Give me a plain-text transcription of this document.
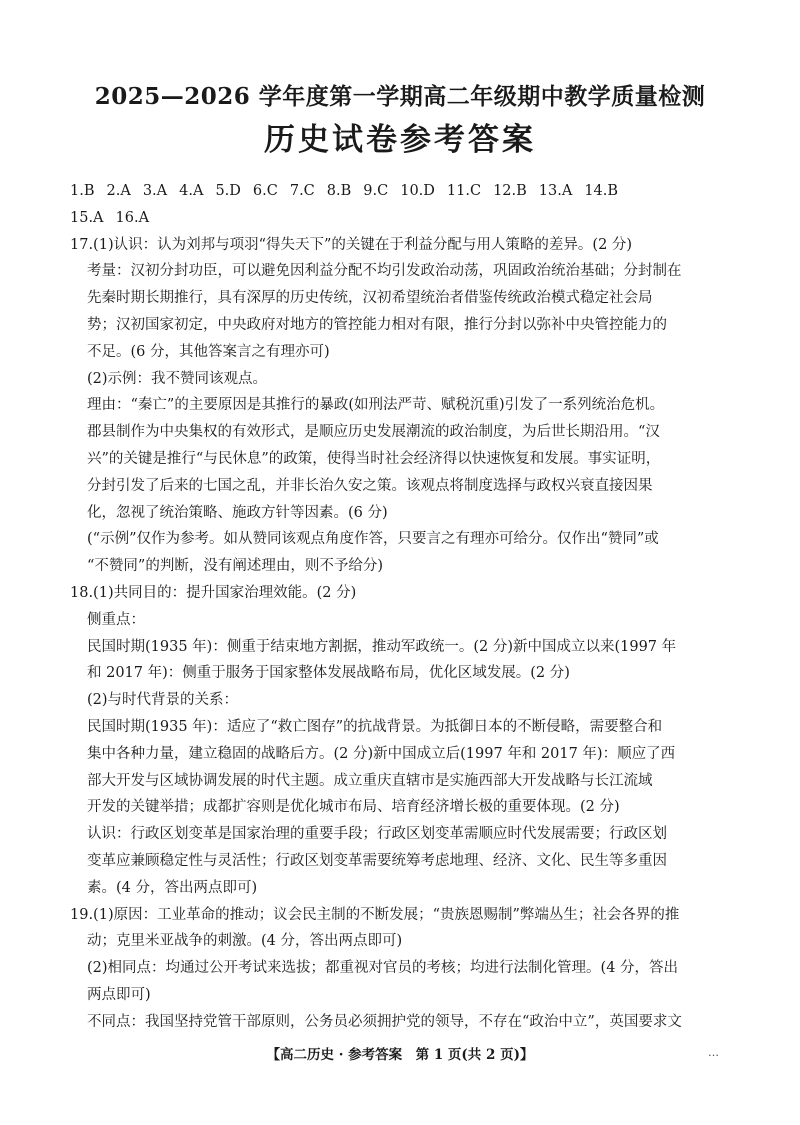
2025—2026 学年度第一学期高二年级期中教学质量检测
历史试卷参考答案
1.B 2.A 3.A 4.A 5.D 6.C 7.C 8.B 9.C 10.D 11.C 12.B 13.A 14.B
15.A 16.A
17.(1)认识：认为刘邦与项羽“得失天下”的关键在于利益分配与用人策略的差异。(2 分)
考量：汉初分封功臣，可以避免因利益分配不均引发政治动荡，巩固政治统治基础；分封制在
先秦时期长期推行，具有深厚的历史传统，汉初希望统治者借鉴传统政治模式稳定社会局
势；汉初国家初定，中央政府对地方的管控能力相对有限，推行分封以弥补中央管控能力的
不足。(6 分，其他答案言之有理亦可)
(2)示例：我不赞同该观点。
理由：“秦亡”的主要原因是其推行的暴政(如刑法严苛、赋税沉重)引发了一系列统治危机。
郡县制作为中央集权的有效形式，是顺应历史发展潮流的政治制度，为后世长期沿用。“汉
兴”的关键是推行“与民休息”的政策，使得当时社会经济得以快速恢复和发展。事实证明，
分封引发了后来的七国之乱，并非长治久安之策。该观点将制度选择与政权兴衰直接因果
化，忽视了统治策略、施政方针等因素。(6 分)
(“示例”仅作为参考。如从赞同该观点角度作答，只要言之有理亦可给分。仅作出“赞同”或
“不赞同”的判断，没有阐述理由，则不予给分)
18.(1)共同目的：提升国家治理效能。(2 分)
侧重点：
民国时期(1935 年)：侧重于结束地方割据，推动军政统一。(2 分)新中国成立以来(1997 年
和 2017 年)：侧重于服务于国家整体发展战略布局，优化区域发展。(2 分)
(2)与时代背景的关系：
民国时期(1935 年)：适应了“救亡图存”的抗战背景。为抵御日本的不断侵略，需要整合和
集中各种力量，建立稳固的战略后方。(2 分)新中国成立后(1997 年和 2017 年)：顺应了西
部大开发与区域协调发展的时代主题。成立重庆直辖市是实施西部大开发战略与长江流域
开发的关键举措；成都扩容则是优化城市布局、培育经济增长极的重要体现。(2 分)
认识：行政区划变革是国家治理的重要手段；行政区划变革需顺应时代发展需要；行政区划
变革应兼顾稳定性与灵活性；行政区划变革需要统筹考虑地理、经济、文化、民生等多重因
素。(4 分，答出两点即可)
19.(1)原因：工业革命的推动；议会民主制的不断发展；“贵族恩赐制”弊端丛生；社会各界的推
动；克里米亚战争的刺激。(4 分，答出两点即可)
(2)相同点：均通过公开考试来选拔；都重视对官员的考核；均进行法制化管理。(4 分，答出
两点即可)
不同点：我国坚持党管干部原则，公务员必须拥护党的领导，不存在“政治中立”，英国要求文
【高二历史 · 参考答案　第 1 页(共 2 页)】	…
